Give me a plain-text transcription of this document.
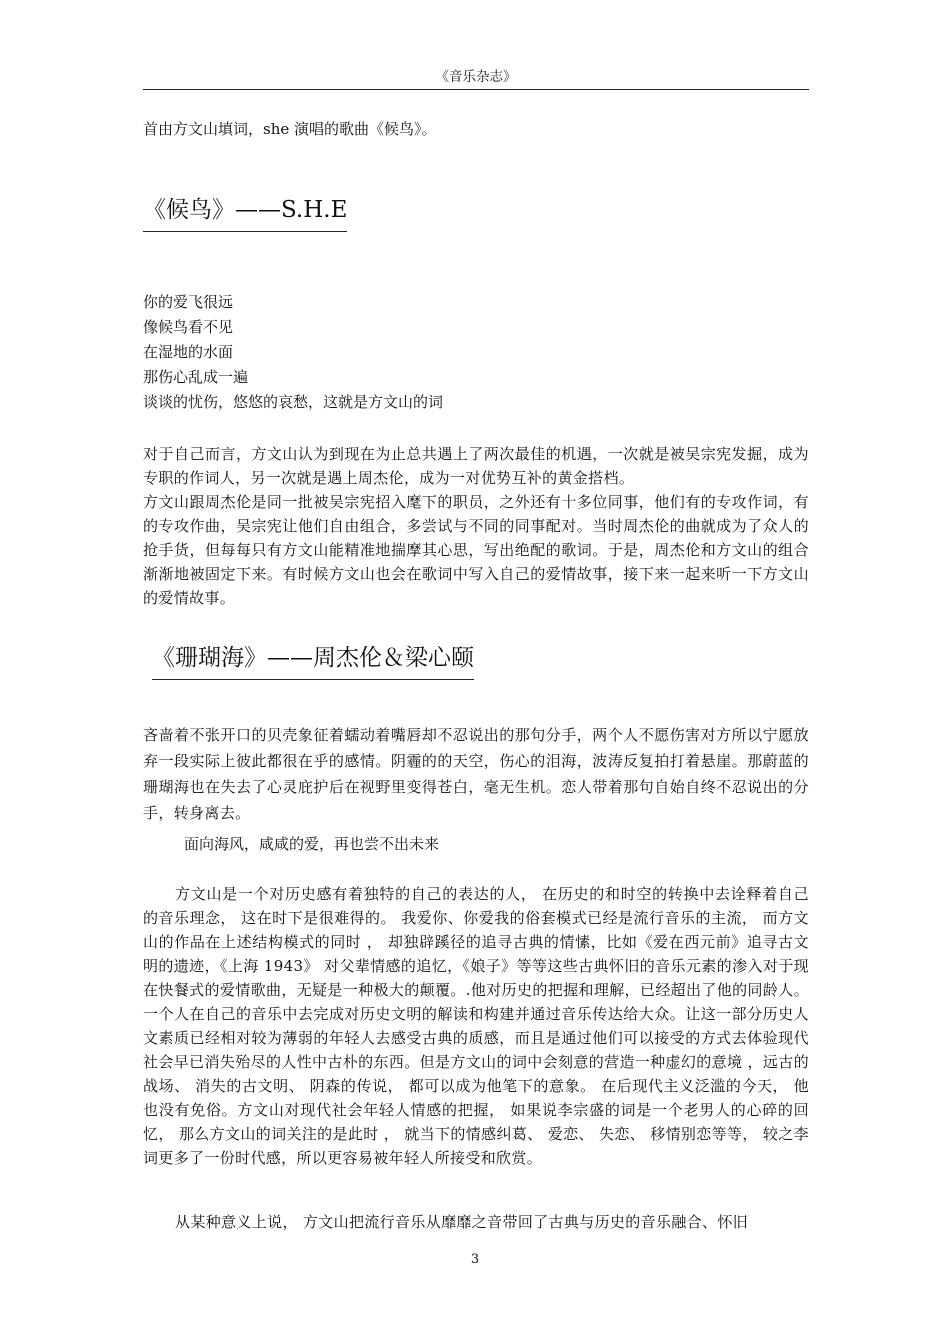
《音乐杂志》
首由方文山填词，she 演唱的歌曲《候鸟》。
《候鸟》——S.H.E
你的爱飞很远
像候鸟看不见
在湿地的水面
那伤心乱成一遍
谈谈的忧伤，悠悠的哀愁，这就是方文山的词
对于自己而言，方文山认为到现在为止总共遇上了两次最佳的机遇，一次就是被吴宗宪发掘，成为专职的作词人，另一次就是遇上周杰伦，成为一对优势互补的黄金搭档。
方文山跟周杰伦是同一批被吴宗宪招入麾下的职员，之外还有十多位同事，他们有的专攻作词，有的专攻作曲，吴宗宪让他们自由组合，多尝试与不同的同事配对。当时周杰伦的曲就成为了众人的抢手货，但每每只有方文山能精准地揣摩其心思，写出绝配的歌词。于是，周杰伦和方文山的组合渐渐地被固定下来。有时候方文山也会在歌词中写入自己的爱情故事，接下来一起来听一下方文山的爱情故事。
《珊瑚海》——周杰伦＆梁心颐
吝啬着不张开口的贝壳象征着蠕动着嘴唇却不忍说出的那句分手，两个人不愿伤害对方所以宁愿放弃一段实际上彼此都很在乎的感情。阴霾的的天空，伤心的泪海，波涛反复拍打着悬崖。那蔚蓝的珊瑚海也在失去了心灵庇护后在视野里变得苍白，毫无生机。恋人带着那句自始自终不忍说出的分手，转身离去。
面向海风，咸咸的爱，再也尝不出未来
方文山是一个对历史感有着独特的自己的表达的人， 在历史的和时空的转换中去诠释着自己的音乐理念， 这在时下是很难得的。 我爱你、你爱我的俗套模式已经是流行音乐的主流， 而方文山的作品在上述结构模式的同时 ， 却独辟蹊径的追寻古典的情愫，比如《爱在西元前》追寻古文明的遗迹，《上海 1943》 对父辈情感的追忆，《娘子》等等这些古典怀旧的音乐元素的渗入对于现在快餐式的爱情歌曲，无疑是一种极大的颠覆。.他对历史的把握和理解，已经超出了他的同龄人。一个人在自己的音乐中去完成对历史文明的解读和构建并通过音乐传达给大众。让这一部分历史人文素质已经相对较为薄弱的年轻人去感受古典的质感，而且是通过他们可以接受的方式去体验现代社会早已消失殆尽的人性中古朴的东西。但是方文山的词中会刻意的营造一种虚幻的意境 ，远古的战场、 消失的古文明、 阴森的传说， 都可以成为他笔下的意象。 在后现代主义泛滥的今天， 他也没有免俗。方文山对现代社会年轻人情感的把握， 如果说李宗盛的词是一个老男人的心碎的回忆， 那么方文山的词关注的是此时 ， 就当下的情感纠葛、 爱恋、 失恋、 移情别恋等等， 较之李词更多了一份时代感，所以更容易被年轻人所接受和欣赏。
从某种意义上说， 方文山把流行音乐从靡靡之音带回了古典与历史的音乐融合、怀旧
3
